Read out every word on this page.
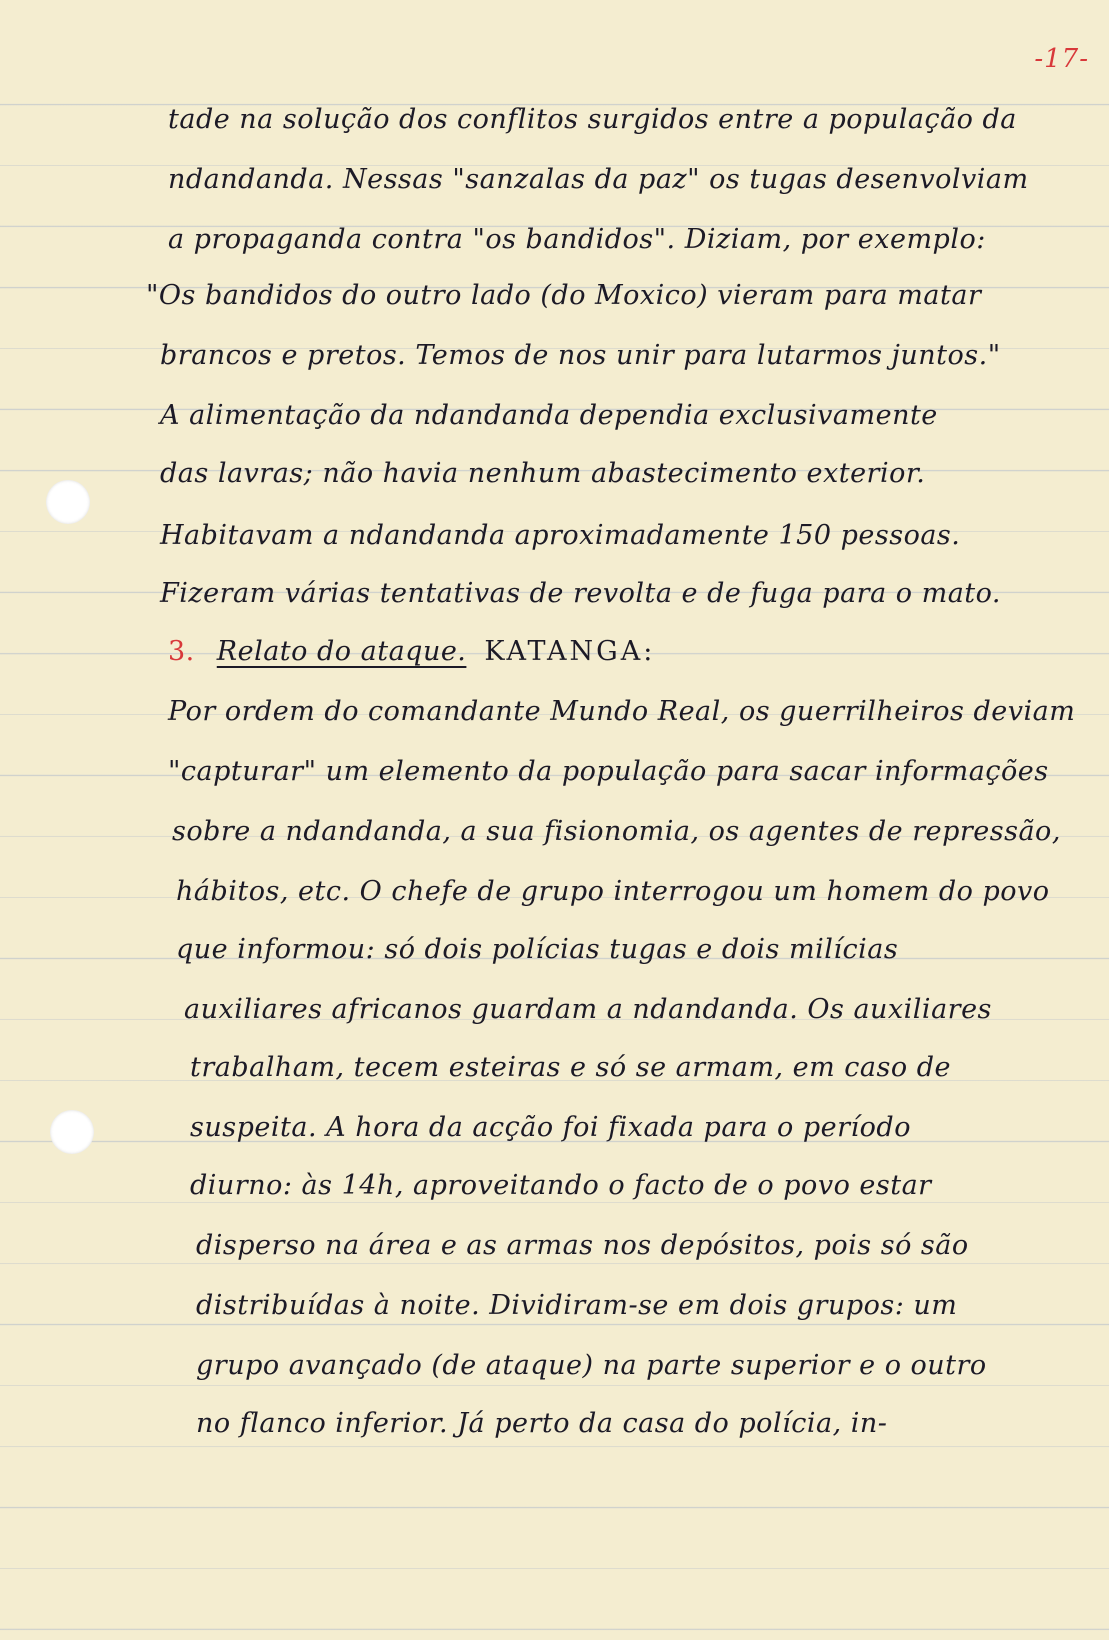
-17-
tade na solução dos conflitos surgidos entre a população da
ndandanda. Nessas "sanzalas da paz" os tugas desenvolviam
a propaganda contra "os bandidos". Diziam, por exemplo:
"Os bandidos do outro lado (do Moxico) vieram para matar
brancos e pretos. Temos de nos unir para lutarmos juntos."
A alimentação da ndandanda dependia exclusivamente
das lavras; não havia nenhum abastecimento exterior.
Habitavam a ndandanda aproximadamente 150 pessoas.
Fizeram várias tentativas de revolta e de fuga para o mato.
3. Relato do ataque. KATANGA:
Por ordem do comandante Mundo Real, os guerrilheiros deviam
"capturar" um elemento da população para sacar informações
sobre a ndandanda, a sua fisionomia, os agentes de repressão,
hábitos, etc. O chefe de grupo interrogou um homem do povo
que informou: só dois polícias tugas e dois milícias
auxiliares africanos guardam a ndandanda. Os auxiliares
trabalham, tecem esteiras e só se armam, em caso de
suspeita. A hora da acção foi fixada para o período
diurno: às 14h, aproveitando o facto de o povo estar
disperso na área e as armas nos depósitos, pois só são
distribuídas à noite. Dividiram-se em dois grupos: um
grupo avançado (de ataque) na parte superior e o outro
no flanco inferior. Já perto da casa do polícia, in-
